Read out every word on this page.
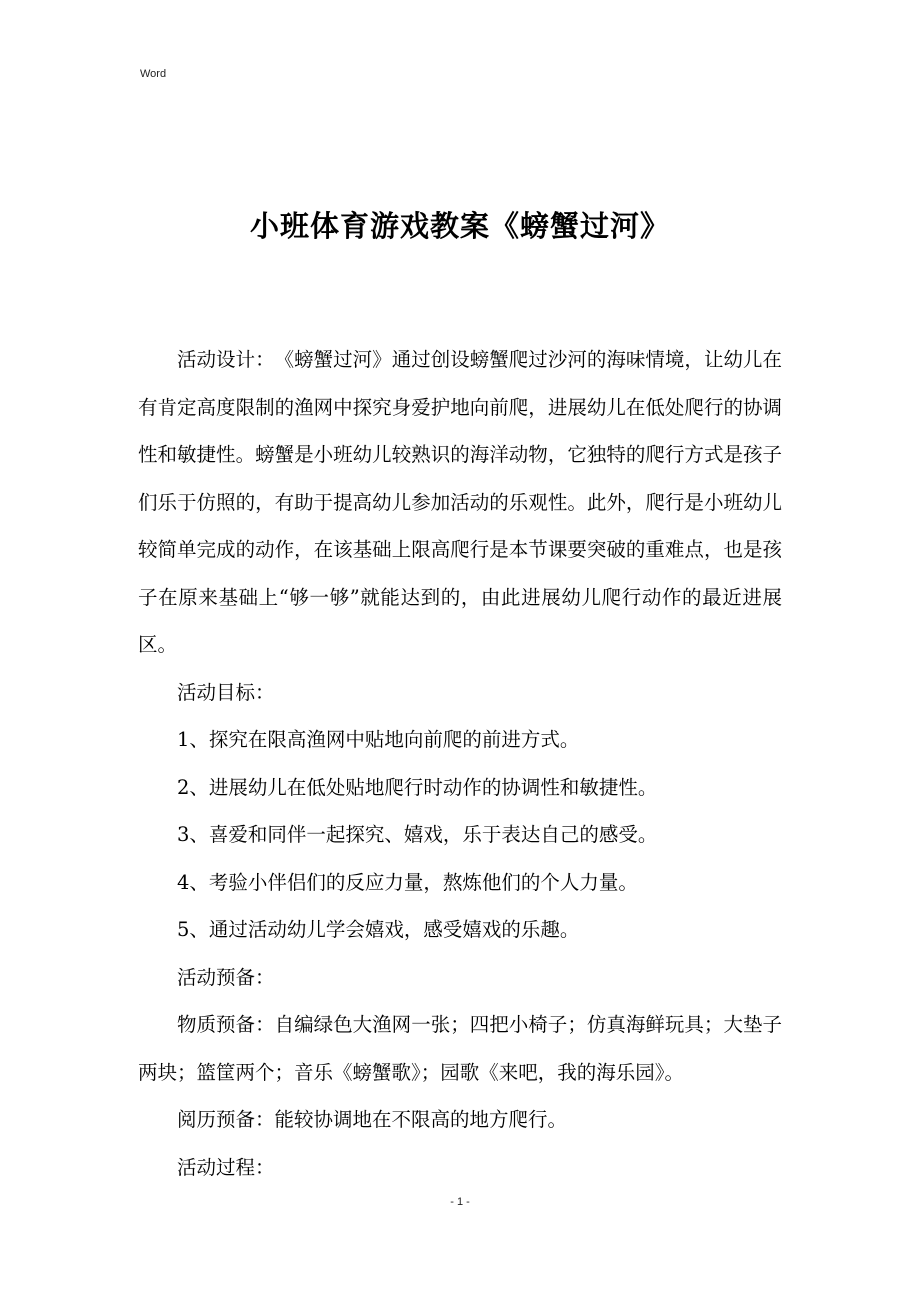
Word
小班体育游戏教案《螃蟹过河》

活动设计：　《螃蟹过河》通过创设螃蟹爬过沙河的海味情境，让幼儿在有肯定高度限制的渔网中探究身爱护地向前爬，进展幼儿在低处爬行的协调性和敏捷性。螃蟹是小班幼儿较熟识的海洋动物，它独特的爬行方式是孩子们乐于仿照的，有助于提高幼儿参加活动的乐观性。此外，爬行是小班幼儿较简单完成的动作，在该基础上限高爬行是本节课要突破的重难点，也是孩子在原来基础上“够一够”就能达到的，由此进展幼儿爬行动作的最近进展区。

活动目标：

1、探究在限高渔网中贴地向前爬的前进方式。

2、进展幼儿在低处贴地爬行时动作的协调性和敏捷性。

3、喜爱和同伴一起探究、嬉戏，乐于表达自己的感受。

4、考验小伴侣们的反应力量，熬炼他们的个人力量。

5、通过活动幼儿学会嬉戏，感受嬉戏的乐趣。

活动预备：

物质预备：自编绿色大渔网一张；四把小椅子；仿真海鲜玩具；大垫子两块；篮筐两个；音乐《螃蟹歌》；园歌《来吧，我的海乐园》。

阅历预备：能较协调地在不限高的地方爬行。

活动过程：

- 1 -
